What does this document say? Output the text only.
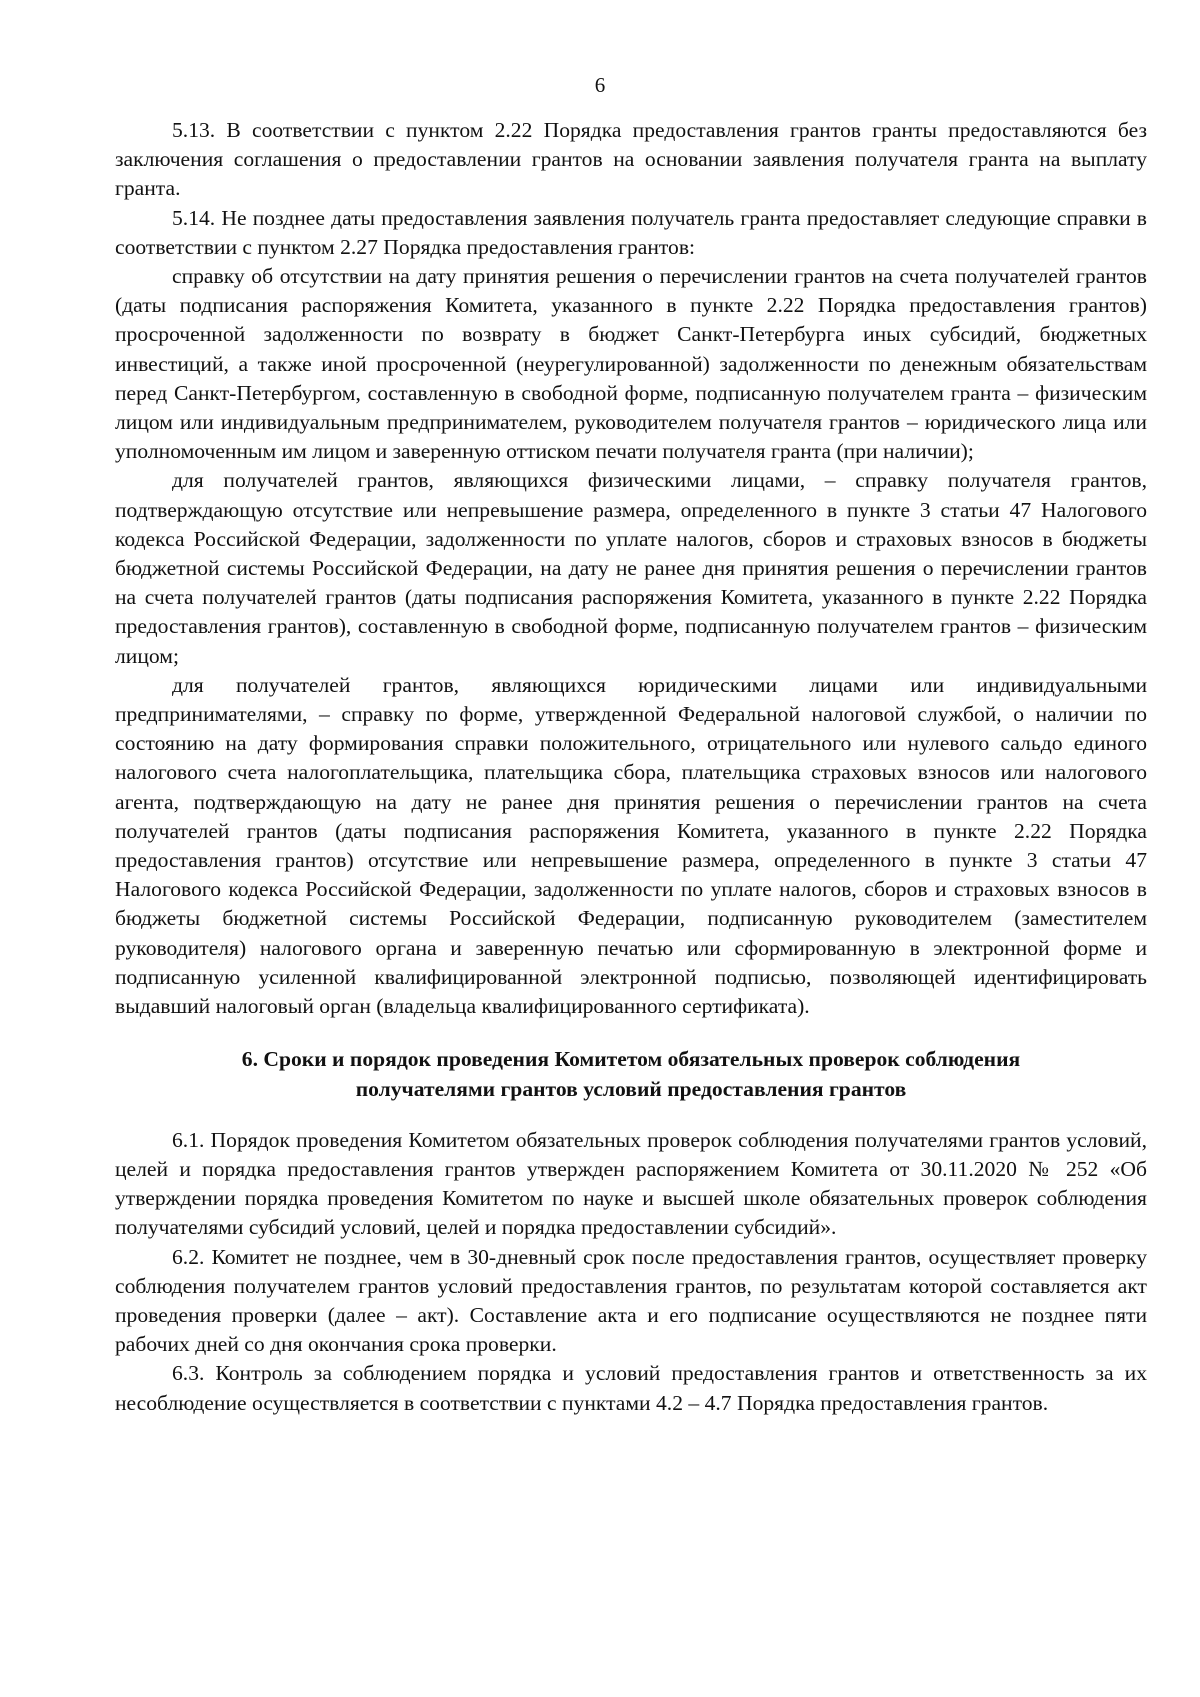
6

5.13. В соответствии с пунктом 2.22 Порядка предоставления грантов гранты предоставляются без заключения соглашения о предоставлении грантов на основании заявления получателя гранта на выплату гранта.

5.14. Не позднее даты предоставления заявления получатель гранта предоставляет следующие справки в соответствии с пунктом 2.27 Порядка предоставления грантов:

справку об отсутствии на дату принятия решения о перечислении грантов на счета получателей грантов (даты подписания распоряжения Комитета, указанного в пункте 2.22 Порядка предоставления грантов) просроченной задолженности по возврату в бюджет Санкт-Петербурга иных субсидий, бюджетных инвестиций, а также иной просроченной (неурегулированной) задолженности по денежным обязательствам перед Санкт-Петербургом, составленную в свободной форме, подписанную получателем гранта – физическим лицом или индивидуальным предпринимателем, руководителем получателя грантов – юридического лица или уполномоченным им лицом и заверенную оттиском печати получателя гранта (при наличии);

для получателей грантов, являющихся физическими лицами, – справку получателя грантов, подтверждающую отсутствие или непревышение размера, определенного в пункте 3 статьи 47 Налогового кодекса Российской Федерации, задолженности по уплате налогов, сборов и страховых взносов в бюджеты бюджетной системы Российской Федерации, на дату не ранее дня принятия решения о перечислении грантов на счета получателей грантов (даты подписания распоряжения Комитета, указанного в пункте 2.22 Порядка предоставления грантов), составленную в свободной форме, подписанную получателем грантов – физическим лицом;

для получателей грантов, являющихся юридическими лицами или индивидуальными предпринимателями, – справку по форме, утвержденной Федеральной налоговой службой, о наличии по состоянию на дату формирования справки положительного, отрицательного или нулевого сальдо единого налогового счета налогоплательщика, плательщика сбора, плательщика страховых взносов или налогового агента, подтверждающую на дату не ранее дня принятия решения о перечислении грантов на счета получателей грантов (даты подписания распоряжения Комитета, указанного в пункте 2.22 Порядка предоставления грантов) отсутствие или непревышение размера, определенного в пункте 3 статьи 47 Налогового кодекса Российской Федерации, задолженности по уплате налогов, сборов и страховых взносов в бюджеты бюджетной системы Российской Федерации, подписанную руководителем (заместителем руководителя) налогового органа и заверенную печатью или сформированную в электронной форме и подписанную усиленной квалифицированной электронной подписью, позволяющей идентифицировать выдавший налоговый орган (владельца квалифицированного сертификата).

6. Сроки и порядок проведения Комитетом обязательных проверок соблюдения получателями грантов условий предоставления грантов

6.1. Порядок проведения Комитетом обязательных проверок соблюдения получателями грантов условий, целей и порядка предоставления грантов утвержден распоряжением Комитета от 30.11.2020 № 252 «Об утверждении порядка проведения Комитетом по науке и высшей школе обязательных проверок соблюдения получателями субсидий условий, целей и порядка предоставлении субсидий».

6.2. Комитет не позднее, чем в 30-дневный срок после предоставления грантов, осуществляет проверку соблюдения получателем грантов условий предоставления грантов, по результатам которой составляется акт проведения проверки (далее – акт). Составление акта и его подписание осуществляются не позднее пяти рабочих дней со дня окончания срока проверки.

6.3. Контроль за соблюдением порядка и условий предоставления грантов и ответственность за их несоблюдение осуществляется в соответствии с пунктами 4.2 – 4.7 Порядка предоставления грантов.
